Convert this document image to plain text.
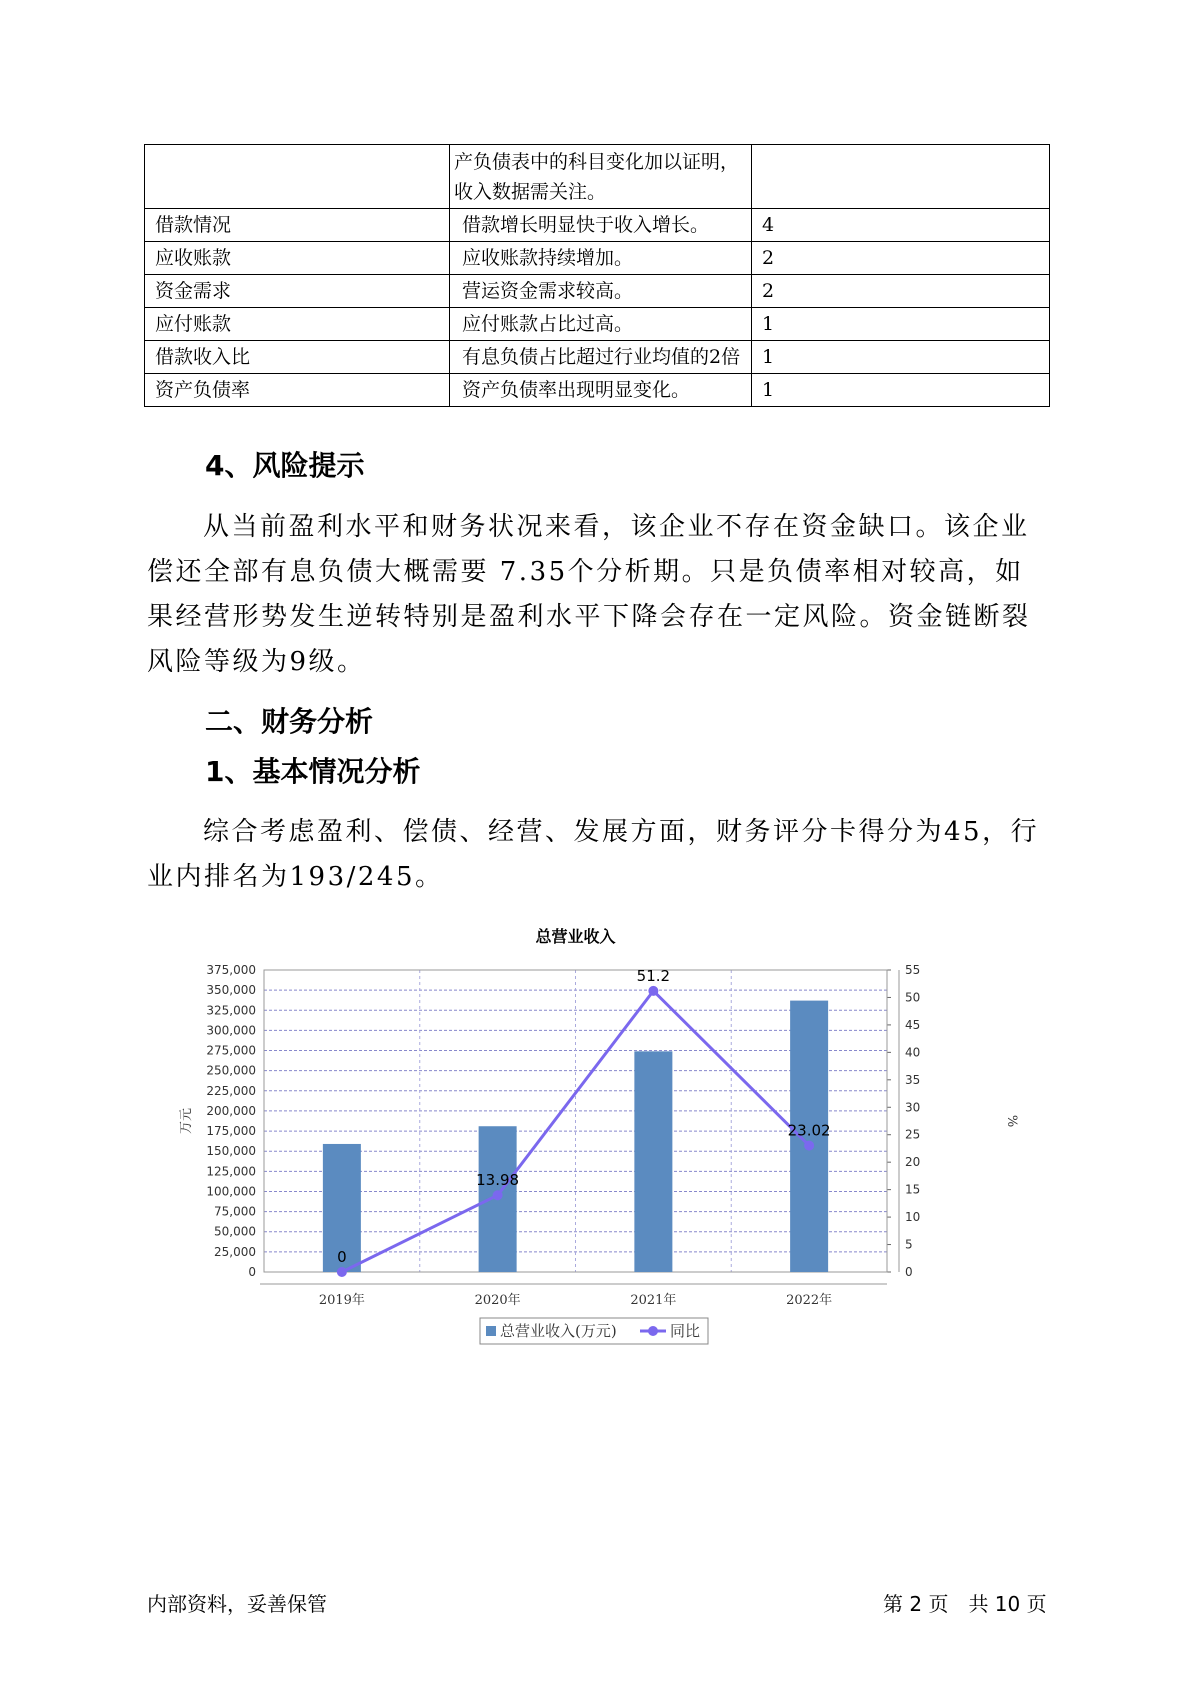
	产负债表中的科目变化加以证明，收入数据需关注。	
借款情况	借款增长明显快于收入增长。	4
应收账款	应收账款持续增加。	2
资金需求	营运资金需求较高。	2
应付账款	应付账款占比过高。	1
借款收入比	有息负债占比超过行业均值的2倍	1
资产负债率	资产负债率出现明显变化。	1
4、风险提示

从当前盈利水平和财务状况来看，该企业不存在资金缺口。该企业偿还全部有息负债大概需要 7.35个分析期。只是负债率相对较高，如果经营形势发生逆转特别是盈利水平下降会存在一定风险。资金链断裂风险等级为9级。

二、财务分析
1、基本情况分析

综合考虑盈利、偿债、经营、发展方面，财务评分卡得分为45，行业内排名为193/245。

总营业收入
0
25,000
50,000
75,000
100,000
125,000
150,000
175,000
200,000
225,000
250,000
275,000
300,000
325,000
350,000
375,000
0
5
10
15
20
25
30
35
40
45
50
55
0
13.98
51.2
23.02
2019年	2020年	2021年	2022年
万元	%
总营业收入(万元)	同比
内部资料，妥善保管	第 2 页　共 10 页
